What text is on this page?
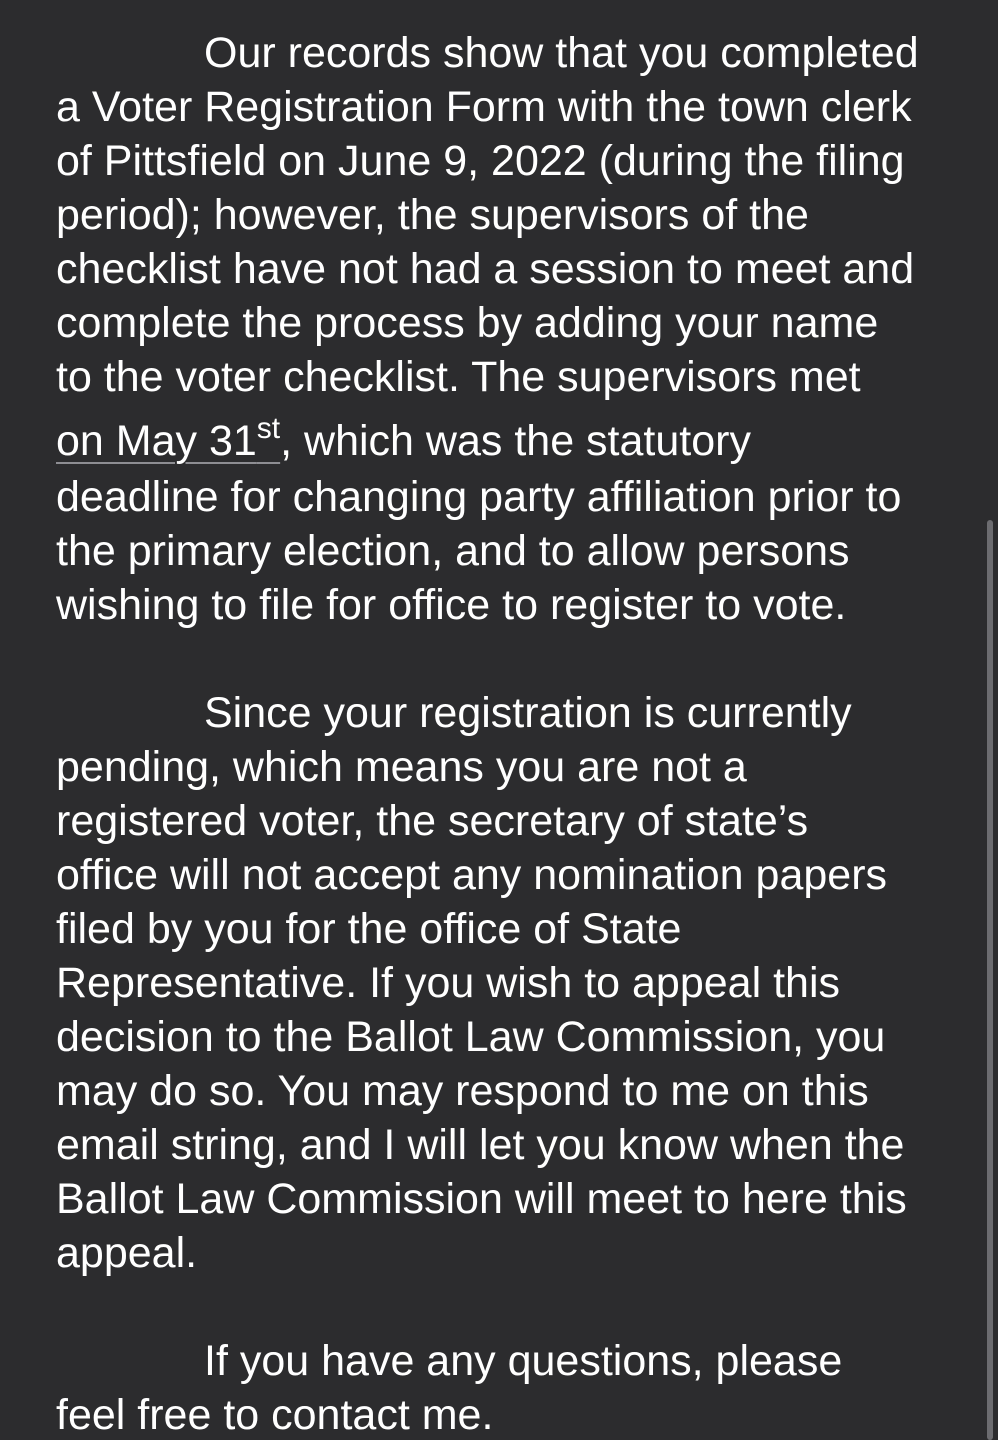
Our records show that you completed
a Voter Registration Form with the town clerk
of Pittsfield on June 9, 2022 (during the filing
period); however, the supervisors of the
checklist have not had a session to meet and
complete the process by adding your name
to the voter checklist. The supervisors met
on May 31st, which was the statutory
deadline for changing party affiliation prior to
the primary election, and to allow persons
wishing to file for office to register to vote.

Since your registration is currently
pending, which means you are not a
registered voter, the secretary of state’s
office will not accept any nomination papers
filed by you for the office of State
Representative. If you wish to appeal this
decision to the Ballot Law Commission, you
may do so. You may respond to me on this
email string, and I will let you know when the
Ballot Law Commission will meet to here this
appeal.

If you have any questions, please
feel free to contact me.
